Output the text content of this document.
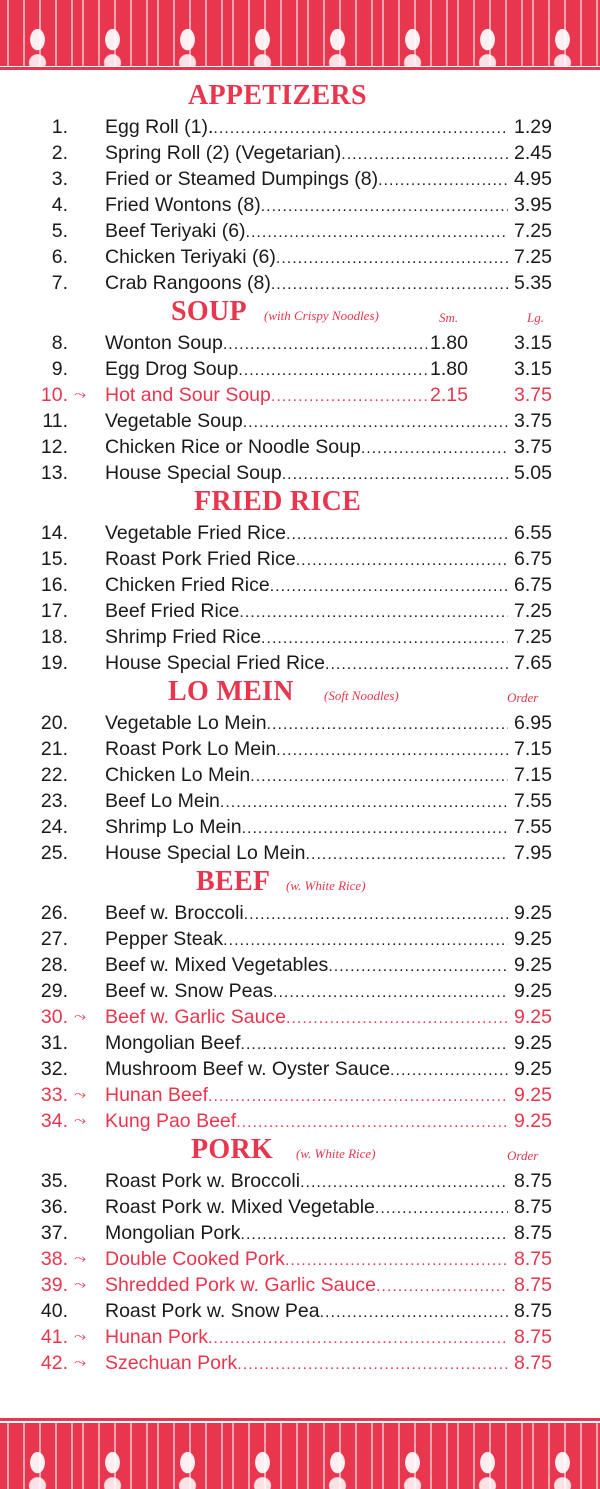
APPETIZERS
1. Egg Roll (1). .....	1.29
2. Spring Roll (2) (Vegetarian) .....	2.45
3. Fried or Steamed Dumpings (8) .....	4.95
4. Fried Wontons (8) .....	3.95
5. Beef Teriyaki (6) .....	7.25
6. Chicken Teriyaki (6) .....	7.25
7. Crab Rangoons (8) .....	5.35
SOUP (with Crispy Noodles)	Sm.	Lg.
8. Wonton Soup .....	1.80 3.15
9. Egg Drog Soup .....	1.80 3.15
10. ⤳ Hot and Sour Soup .....	2.15 3.75
11. Vegetable Soup .....	3.75
12. Chicken Rice or Noodle Soup .....	3.75
13. House Special Soup .....	5.05
FRIED RICE
14. Vegetable Fried Rice .....	6.55
15. Roast Pork Fried Rice .....	6.75
16. Chicken Fried Rice .....	6.75
17. Beef Fried Rice .....	7.25
18. Shrimp Fried Rice .....	7.25
19. House Special Fried Rice .....	7.65
LO MEIN (Soft Noodles)	Order
20. Vegetable Lo Mein .....	6.95
21. Roast Pork Lo Mein .....	7.15
22. Chicken Lo Mein .....	7.15
23. Beef Lo Mein .....	7.55
24. Shrimp Lo Mein .....	7.55
25. House Special Lo Mein .....	7.95
BEEF (w. White Rice)
26. Beef w. Broccoli .....	9.25
27. Pepper Steak .....	9.25
28. Beef w. Mixed Vegetables .....	9.25
29. Beef w. Snow Peas .....	9.25
30. ⤳ Beef w. Garlic Sauce .....	9.25
31. Mongolian Beef .....	9.25
32. Mushroom Beef w. Oyster Sauce .....	9.25
33. ⤳ Hunan Beef .....	9.25
34. ⤳ Kung Pao Beef .....	9.25
PORK (w. White Rice)	Order
35. Roast Pork w. Broccoli .....	8.75
36. Roast Pork w. Mixed Vegetable .....	8.75
37. Mongolian Pork .....	8.75
38. ⤳ Double Cooked Pork .....	8.75
39. ⤳ Shredded Pork w. Garlic Sauce .....	8.75
40. Roast Pork w. Snow Pea .....	8.75
41. ⤳ Hunan Pork .....	8.75
42. ⤳ Szechuan Pork .....	8.75
